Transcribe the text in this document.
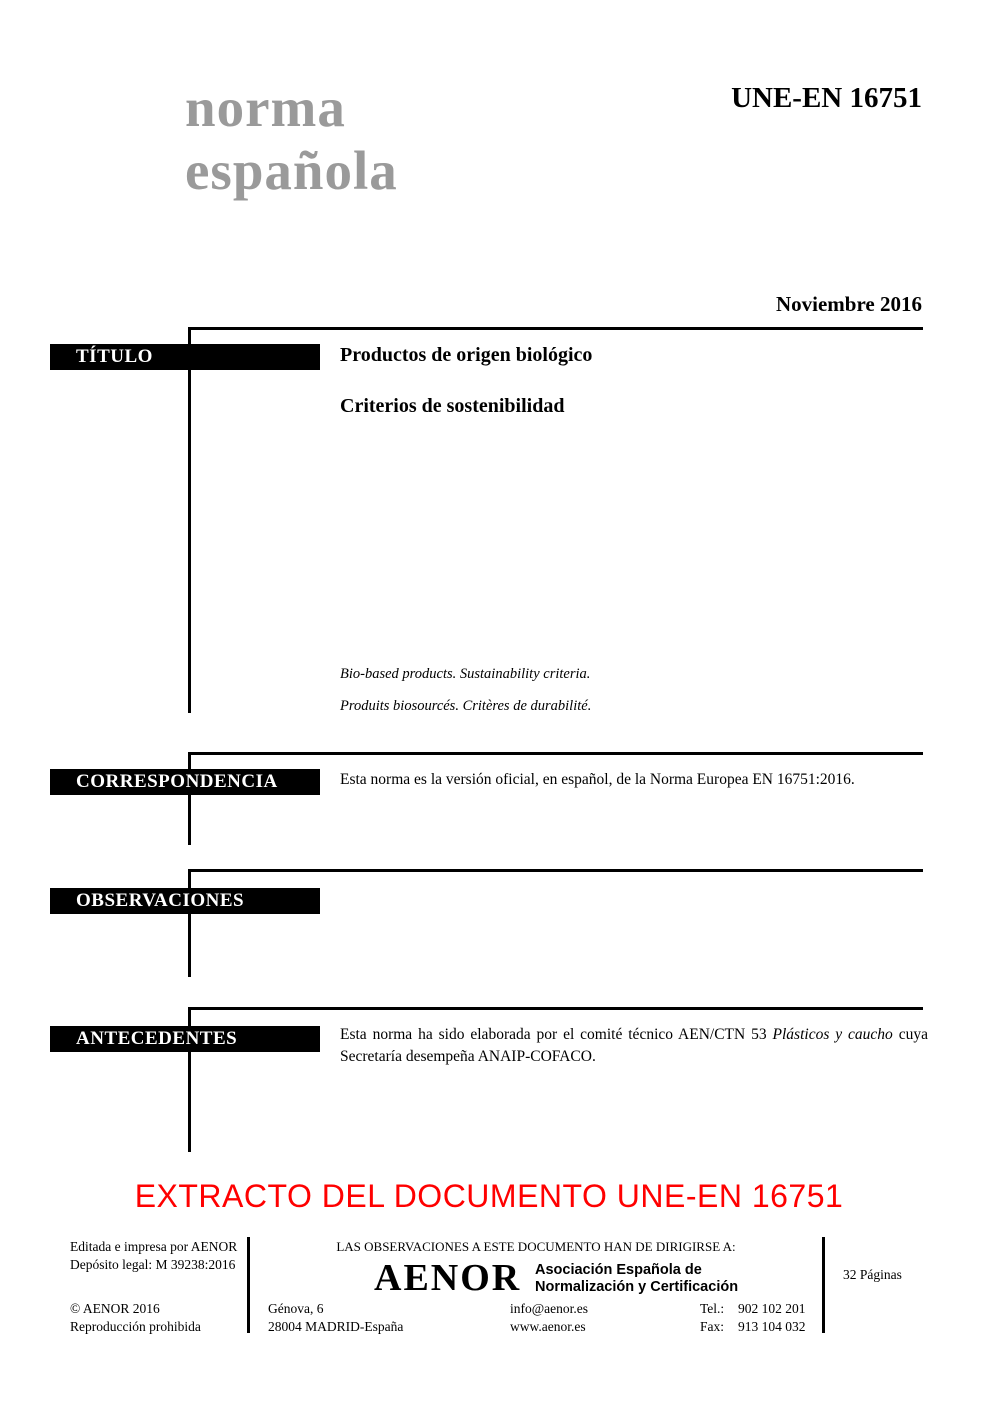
norma
española
UNE-EN 16751
Noviembre 2016
TÍTULO	Productos de origen biológico
Criterios de sostenibilidad
Bio-based products. Sustainability criteria.
Produits biosourcés. Critères de durabilité.
CORRESPONDENCIA	Esta norma es la versión oficial, en español, de la Norma Europea EN 16751:2016.
OBSERVACIONES
ANTECEDENTES	Esta norma ha sido elaborada por el comité técnico AEN/CTN 53 Plásticos y caucho cuya Secretaría desempeña ANAIP-COFACO.
EXTRACTO DEL DOCUMENTO UNE-EN 16751
Editada e impresa por AENOR
Depósito legal: M 39238:2016
© AENOR 2016
Reproducción prohibida
LAS OBSERVACIONES A ESTE DOCUMENTO HAN DE DIRIGIRSE A:
AENOR Asociación Española de
Normalización y Certificación
Génova, 6
28004 MADRID-España
info@aenor.es
www.aenor.es
Tel.: 902 102 201
Fax: 913 104 032
32 Páginas
